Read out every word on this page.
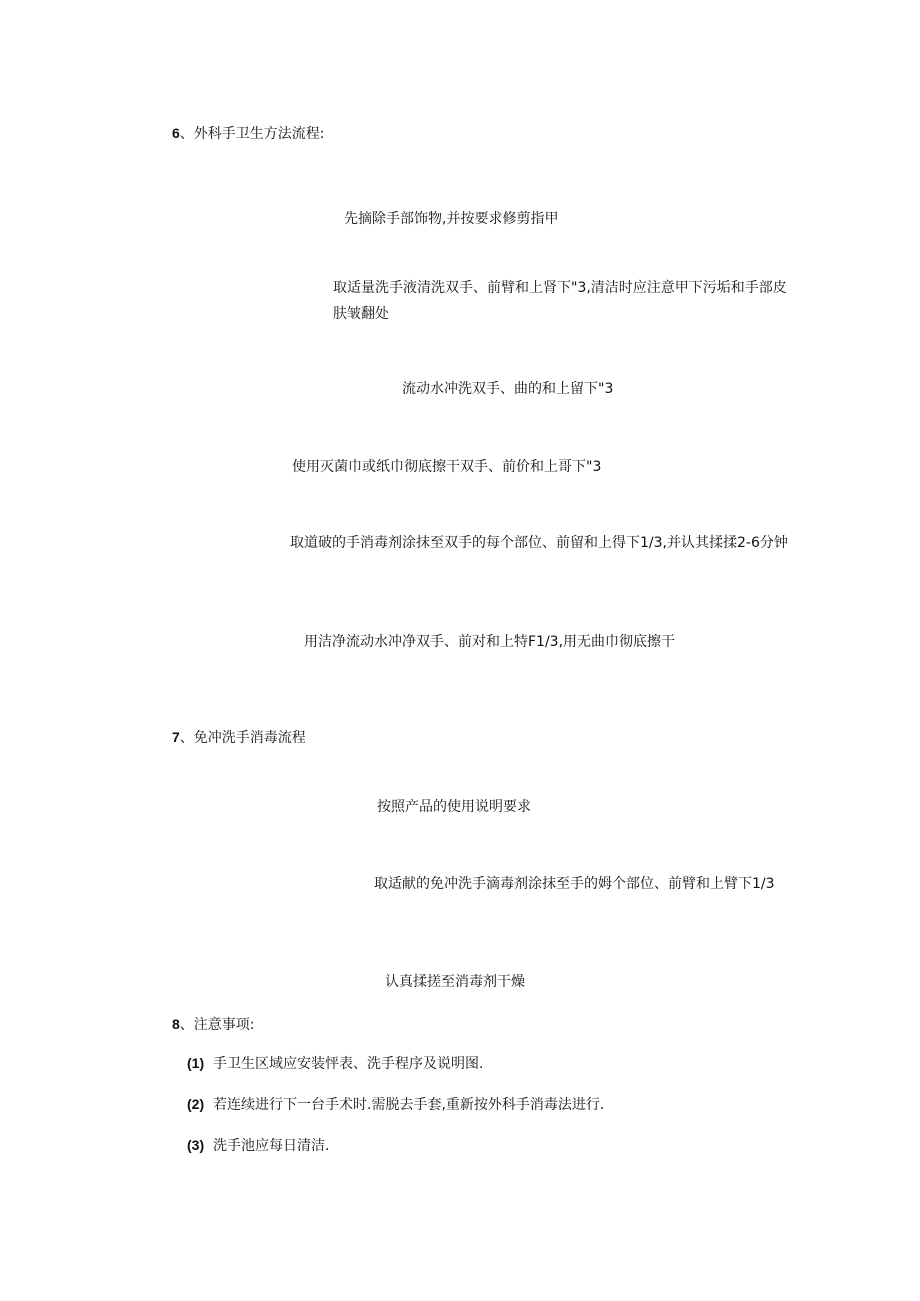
6、外科手卫生方法流程:
先摘除手部饰物,并按要求修剪指甲
取适量洗手液清洗双手、前臂和上肾下"3,清洁时应注意甲下污垢和手部皮肤皱翻处
流动水冲洗双手、曲的和上留下"3
使用灭菌巾或纸巾彻底擦干双手、前价和上哥下"3
取道破的手消毒剂涂抹至双手的每个部位、前留和上得下1/3,并认其揉揉2-6分钟
用洁净流动水冲净双手、前对和上特F1/3,用无曲巾彻底擦干
7、免冲洗手消毒流程
按照产品的使用说明要求
取适献的免冲洗手滴毒剂涂抹至手的姆个部位、前臂和上臂下1/3
认真揉搓至消毒剂干燥
8、注意事项:
(1) 手卫生区域应安装怦表、洗手程序及说明图.
(2) 若连续进行下一台手术时.需脱去手套,重新按外科手消毒法进行.
(3) 洗手池应每日清洁.
